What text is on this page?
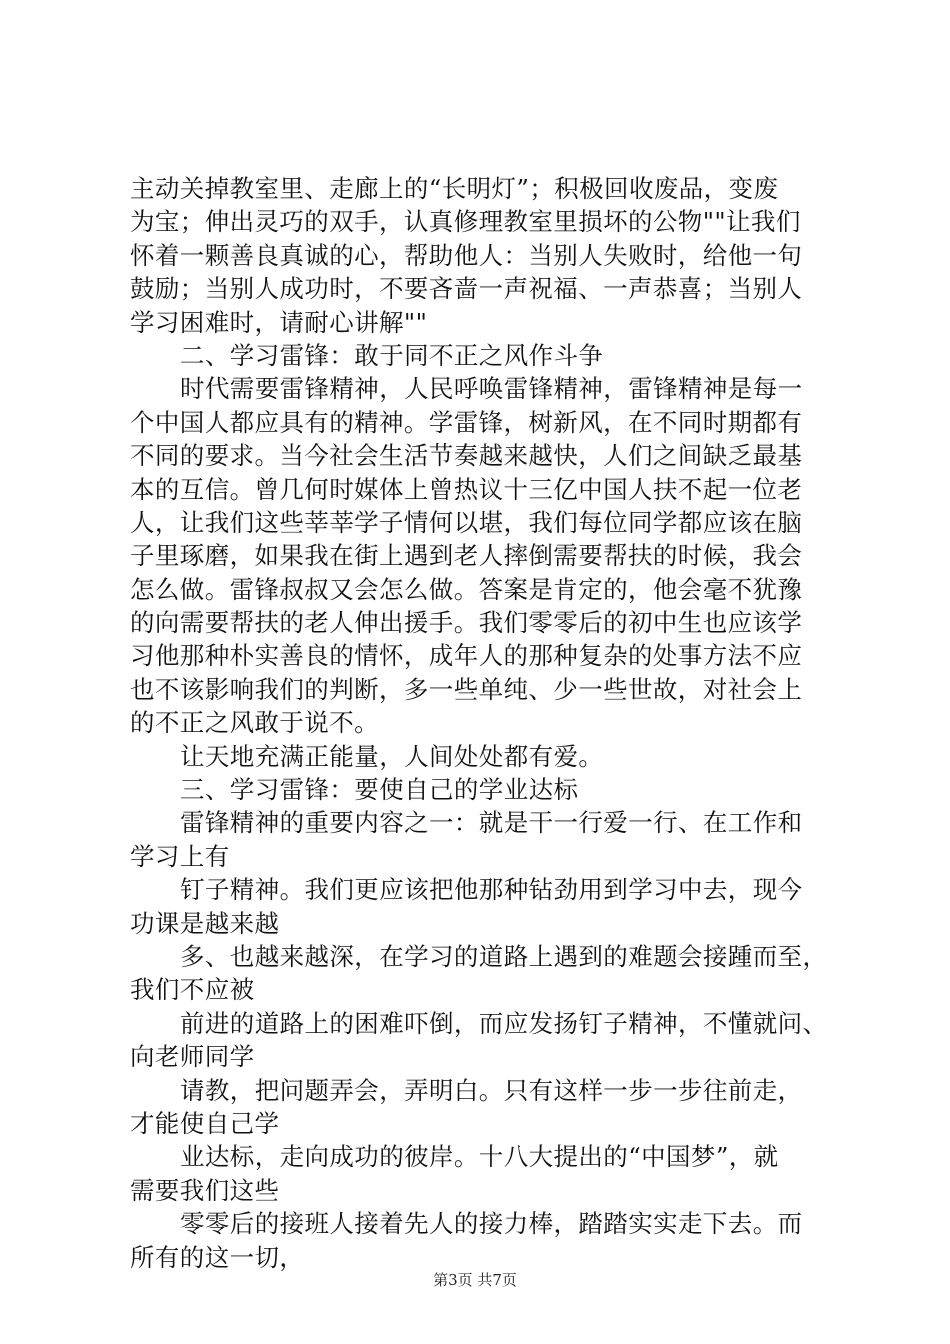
主动关掉教室里、走廊上的“长明灯”；积极回收废品，变废
为宝；伸出灵巧的双手，认真修理教室里损坏的公物""让我们
怀着一颗善良真诚的心，帮助他人：当别人失败时，给他一句
鼓励；当别人成功时，不要吝啬一声祝福、一声恭喜；当别人
学习困难时，请耐心讲解""
二、学习雷锋：敢于同不正之风作斗争
时代需要雷锋精神，人民呼唤雷锋精神，雷锋精神是每一
个中国人都应具有的精神。学雷锋，树新风，在不同时期都有
不同的要求。当今社会生活节奏越来越快，人们之间缺乏最基
本的互信。曾几何时媒体上曾热议十三亿中国人扶不起一位老
人，让我们这些莘莘学子情何以堪，我们每位同学都应该在脑
子里琢磨，如果我在街上遇到老人摔倒需要帮扶的时候，我会
怎么做。雷锋叔叔又会怎么做。答案是肯定的，他会毫不犹豫
的向需要帮扶的老人伸出援手。我们零零后的初中生也应该学
习他那种朴实善良的情怀，成年人的那种复杂的处事方法不应
也不该影响我们的判断，多一些单纯、少一些世故，对社会上
的不正之风敢于说不。
让天地充满正能量，人间处处都有爱。
三、学习雷锋：要使自己的学业达标
雷锋精神的重要内容之一：就是干一行爱一行、在工作和
学习上有
钉子精神。我们更应该把他那种钻劲用到学习中去，现今
功课是越来越
多、也越来越深，在学习的道路上遇到的难题会接踵而至，
我们不应被
前进的道路上的困难吓倒，而应发扬钉子精神，不懂就问、
向老师同学
请教，把问题弄会，弄明白。只有这样一步一步往前走，
才能使自己学
业达标，走向成功的彼岸。十八大提出的“中国梦”，就
需要我们这些
零零后的接班人接着先人的接力棒，踏踏实实走下去。而
所有的这一切，
第3页 共7页
